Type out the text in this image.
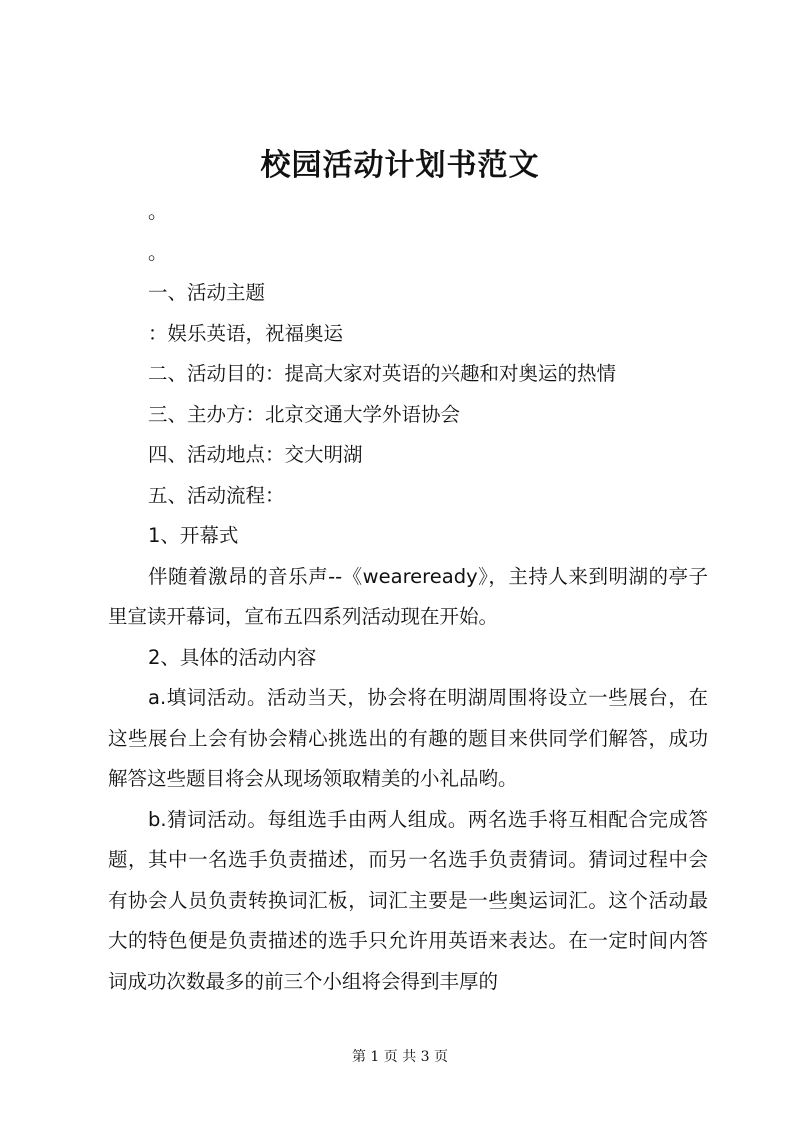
校园活动计划书范文

。

。

一、活动主题

：娱乐英语，祝福奥运

二、活动目的：提高大家对英语的兴趣和对奥运的热情

三、主办方：北京交通大学外语协会

四、活动地点：交大明湖

五、活动流程：

1、开幕式

伴随着激昂的音乐声--《weareready》，主持人来到明湖的亭子里宣读开幕词，宣布五四系列活动现在开始。

2、具体的活动内容

a.填词活动。活动当天，协会将在明湖周围将设立一些展台，在这些展台上会有协会精心挑选出的有趣的题目来供同学们解答，成功解答这些题目将会从现场领取精美的小礼品哟。

b.猜词活动。每组选手由两人组成。两名选手将互相配合完成答题，其中一名选手负责描述，而另一名选手负责猜词。猜词过程中会有协会人员负责转换词汇板，词汇主要是一些奥运词汇。这个活动最大的特色便是负责描述的选手只允许用英语来表达。在一定时间内答词成功次数最多的前三个小组将会得到丰厚的

第 1 页 共 3 页
